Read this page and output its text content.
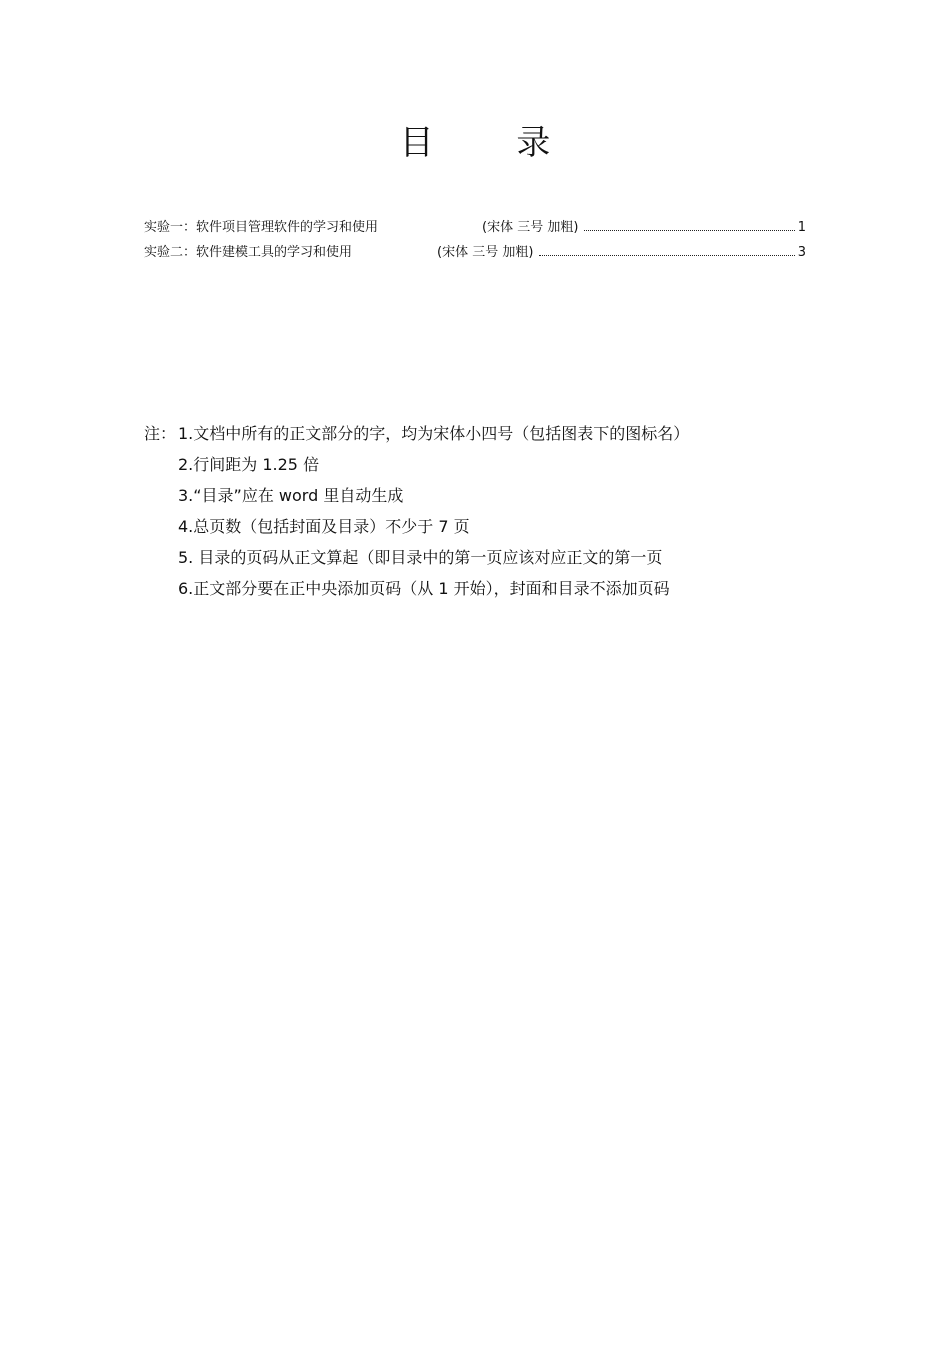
目 录
实验一：软件项目管理软件的学习和使用	(宋体 三号 加粗)	1
实验二：软件建模工具的学习和使用	(宋体 三号 加粗)	3
注： 1.文档中所有的正文部分的字，均为宋体小四号（包括图表下的图标名）
2.行间距为 1.25 倍
3.“目录”应在 word 里自动生成
4.总页数（包括封面及目录）不少于 7 页
5. 目录的页码从正文算起（即目录中的第一页应该对应正文的第一页
6.正文部分要在正中央添加页码（从 1 开始），封面和目录不添加页码
